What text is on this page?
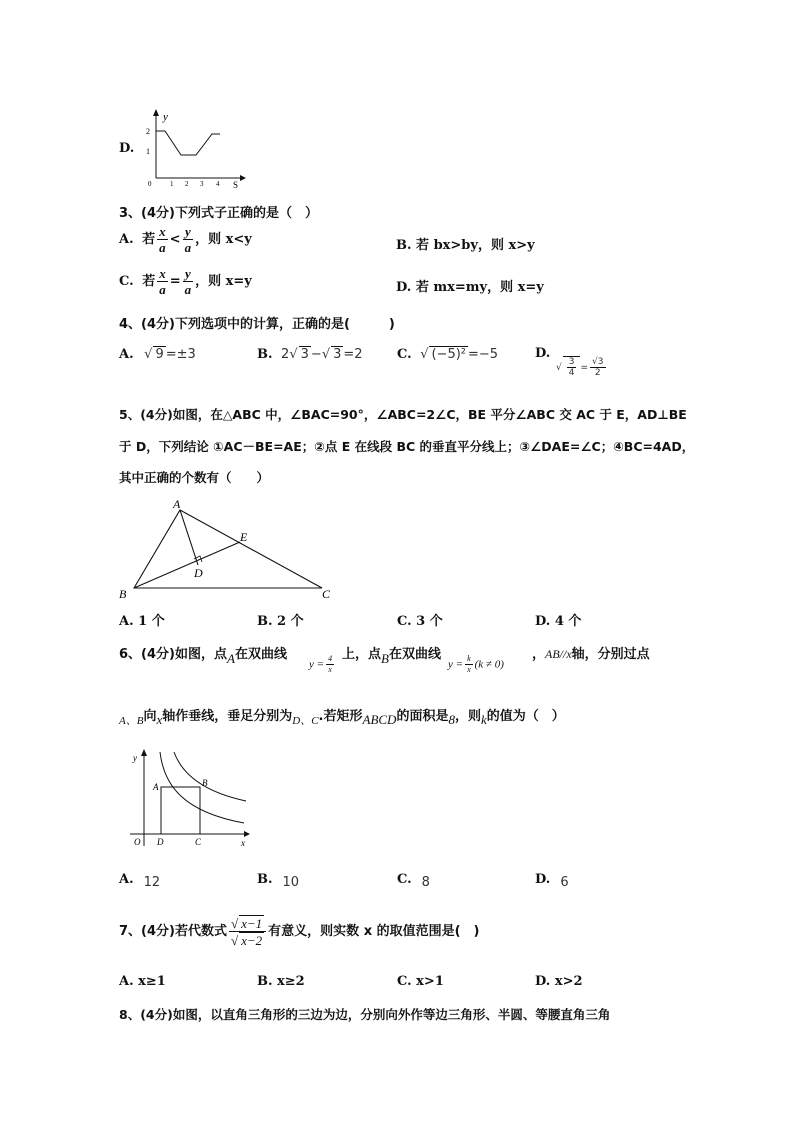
D.
y
S
2
1
0	1 2 3 4
3、(4分)下列式子正确的是（　）
A. 若 $\frac{x}{a} < \frac{y}{a}$ ，则 x<y	B. 若 bx>by，则 x>y
C. 若 $\frac{x}{a} = \frac{y}{a}$ ，则 x=y	D. 若 mx=my，则 x=y
4、(4分)下列选项中的计算，正确的是(　　　)
A. √ 9 =±3	B. 2√ 3 −√ 3 =2	C. √ (−5)² =−5	D.
√ $\frac{3}{4} = \frac{√3}{2}$
5、(4分)如图，在△ABC 中，∠BAC=90°，∠ABC=2∠C，BE 平分∠ABC 交 AC 于 E，AD⊥BE
于 D，下列结论 ①AC－BE=AE；②点 E 在线段 BC 的垂直平分线上；③∠DAE=∠C；④BC=4AD，
其中正确的个数有（　　）
A
B	C
D
E
A. 1 个	B. 2 个	C. 3 个	D. 4 个
6、(4分)如图，点A在双曲线
$y = \frac{4}{x}$ 上，点B在双曲线
$y = \frac{k}{x} (k \ne 0)$
，AB//x轴，分别过点
$_{A、B}$向x轴作垂线，垂足分别为$_{D、C}$.若矩形ABCD的面积是8，则k的值为（　）
y
x
O
A	B
D	C
A. 12	B. 10	C. 8	D. 6
7、(4分)若代数式 $\frac{√ x-1}{√ x-2}$ 有意义，则实数 x 的取值范围是(　)
A. x≥1	B. x≥2	C. x>1	D. x>2
8、(4分)如图，以直角三角形的三边为边，分别向外作等边三角形、半圆、等腰直角三角
